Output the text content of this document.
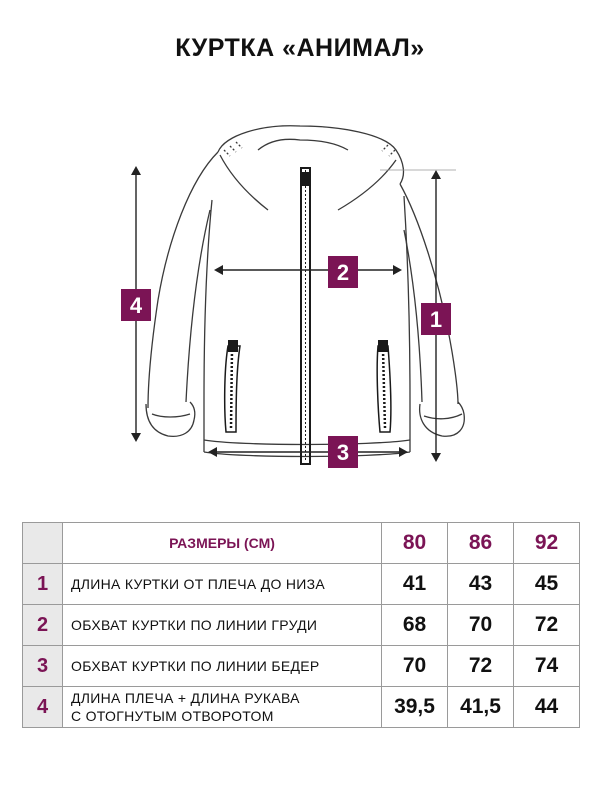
КУРТКА «АНИМАЛ»
4
1
2
3
	РАЗМЕРЫ (СМ)	80	86	92
1	ДЛИНА КУРТКИ ОТ ПЛЕЧА ДО НИЗА	41	43	45
2	ОБХВАТ КУРТКИ ПО ЛИНИИ ГРУДИ	68	70	72
3	ОБХВАТ КУРТКИ ПО ЛИНИИ БЕДЕР	70	72	74
4	ДЛИНА ПЛЕЧА + ДЛИНА РУКАВА
С ОТОГНУТЫМ ОТВОРОТОМ	39,5	41,5	44
